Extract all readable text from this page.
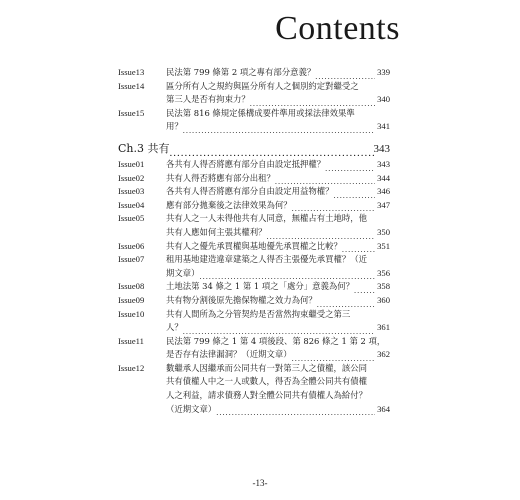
Contents
Issue13	民法第 799 條第 2 項之專有部分意義？ .....	339
Issue14	區分所有人之規約與區分所有人之個別約定對繼受之
第三人是否有拘束力？ .....	340
Issue15	民法第 816 條規定係構成要件準用或採法律效果準
用？ .....	341
Ch.3 共有 .....	343
Issue01	各共有人得否將應有部分自由設定抵押權？ .....	343
Issue02	共有人得否將應有部分出租？ .....	344
Issue03	各共有人得否將應有部分自由設定用益物權？ .....	346
Issue04	應有部分拋棄後之法律效果為何？ .....	347
Issue05	共有人之一人未得他共有人同意，無權占有土地時，他
共有人應如何主張其權利？ .....	350
Issue06	共有人之優先承買權與基地優先承買權之比較？ .....	351
Issue07	租用基地建造違章建築之人得否主張優先承買權？（近
期文章） .....	356
Issue08	土地法第 34 條之 1 第 1 項之「處分」意義為何？ .....	358
Issue09	共有物分割後原先擔保物權之效力為何？ .....	360
Issue10	共有人間所為之分管契約是否當然拘束繼受之第三
人？ .....	361
Issue11	民法第 799 條之 1 第 4 項後段、第 826 條之 1 第 2 項，
是否存有法律漏洞？（近期文章） .....	362
Issue12	數繼承人因繼承而公同共有一對第三人之債權，該公同
共有債權人中之一人或數人，得否為全體公同共有債權
人之利益，請求債務人對全體公同共有債權人為給付？
（近期文章） .....	364
-13-
